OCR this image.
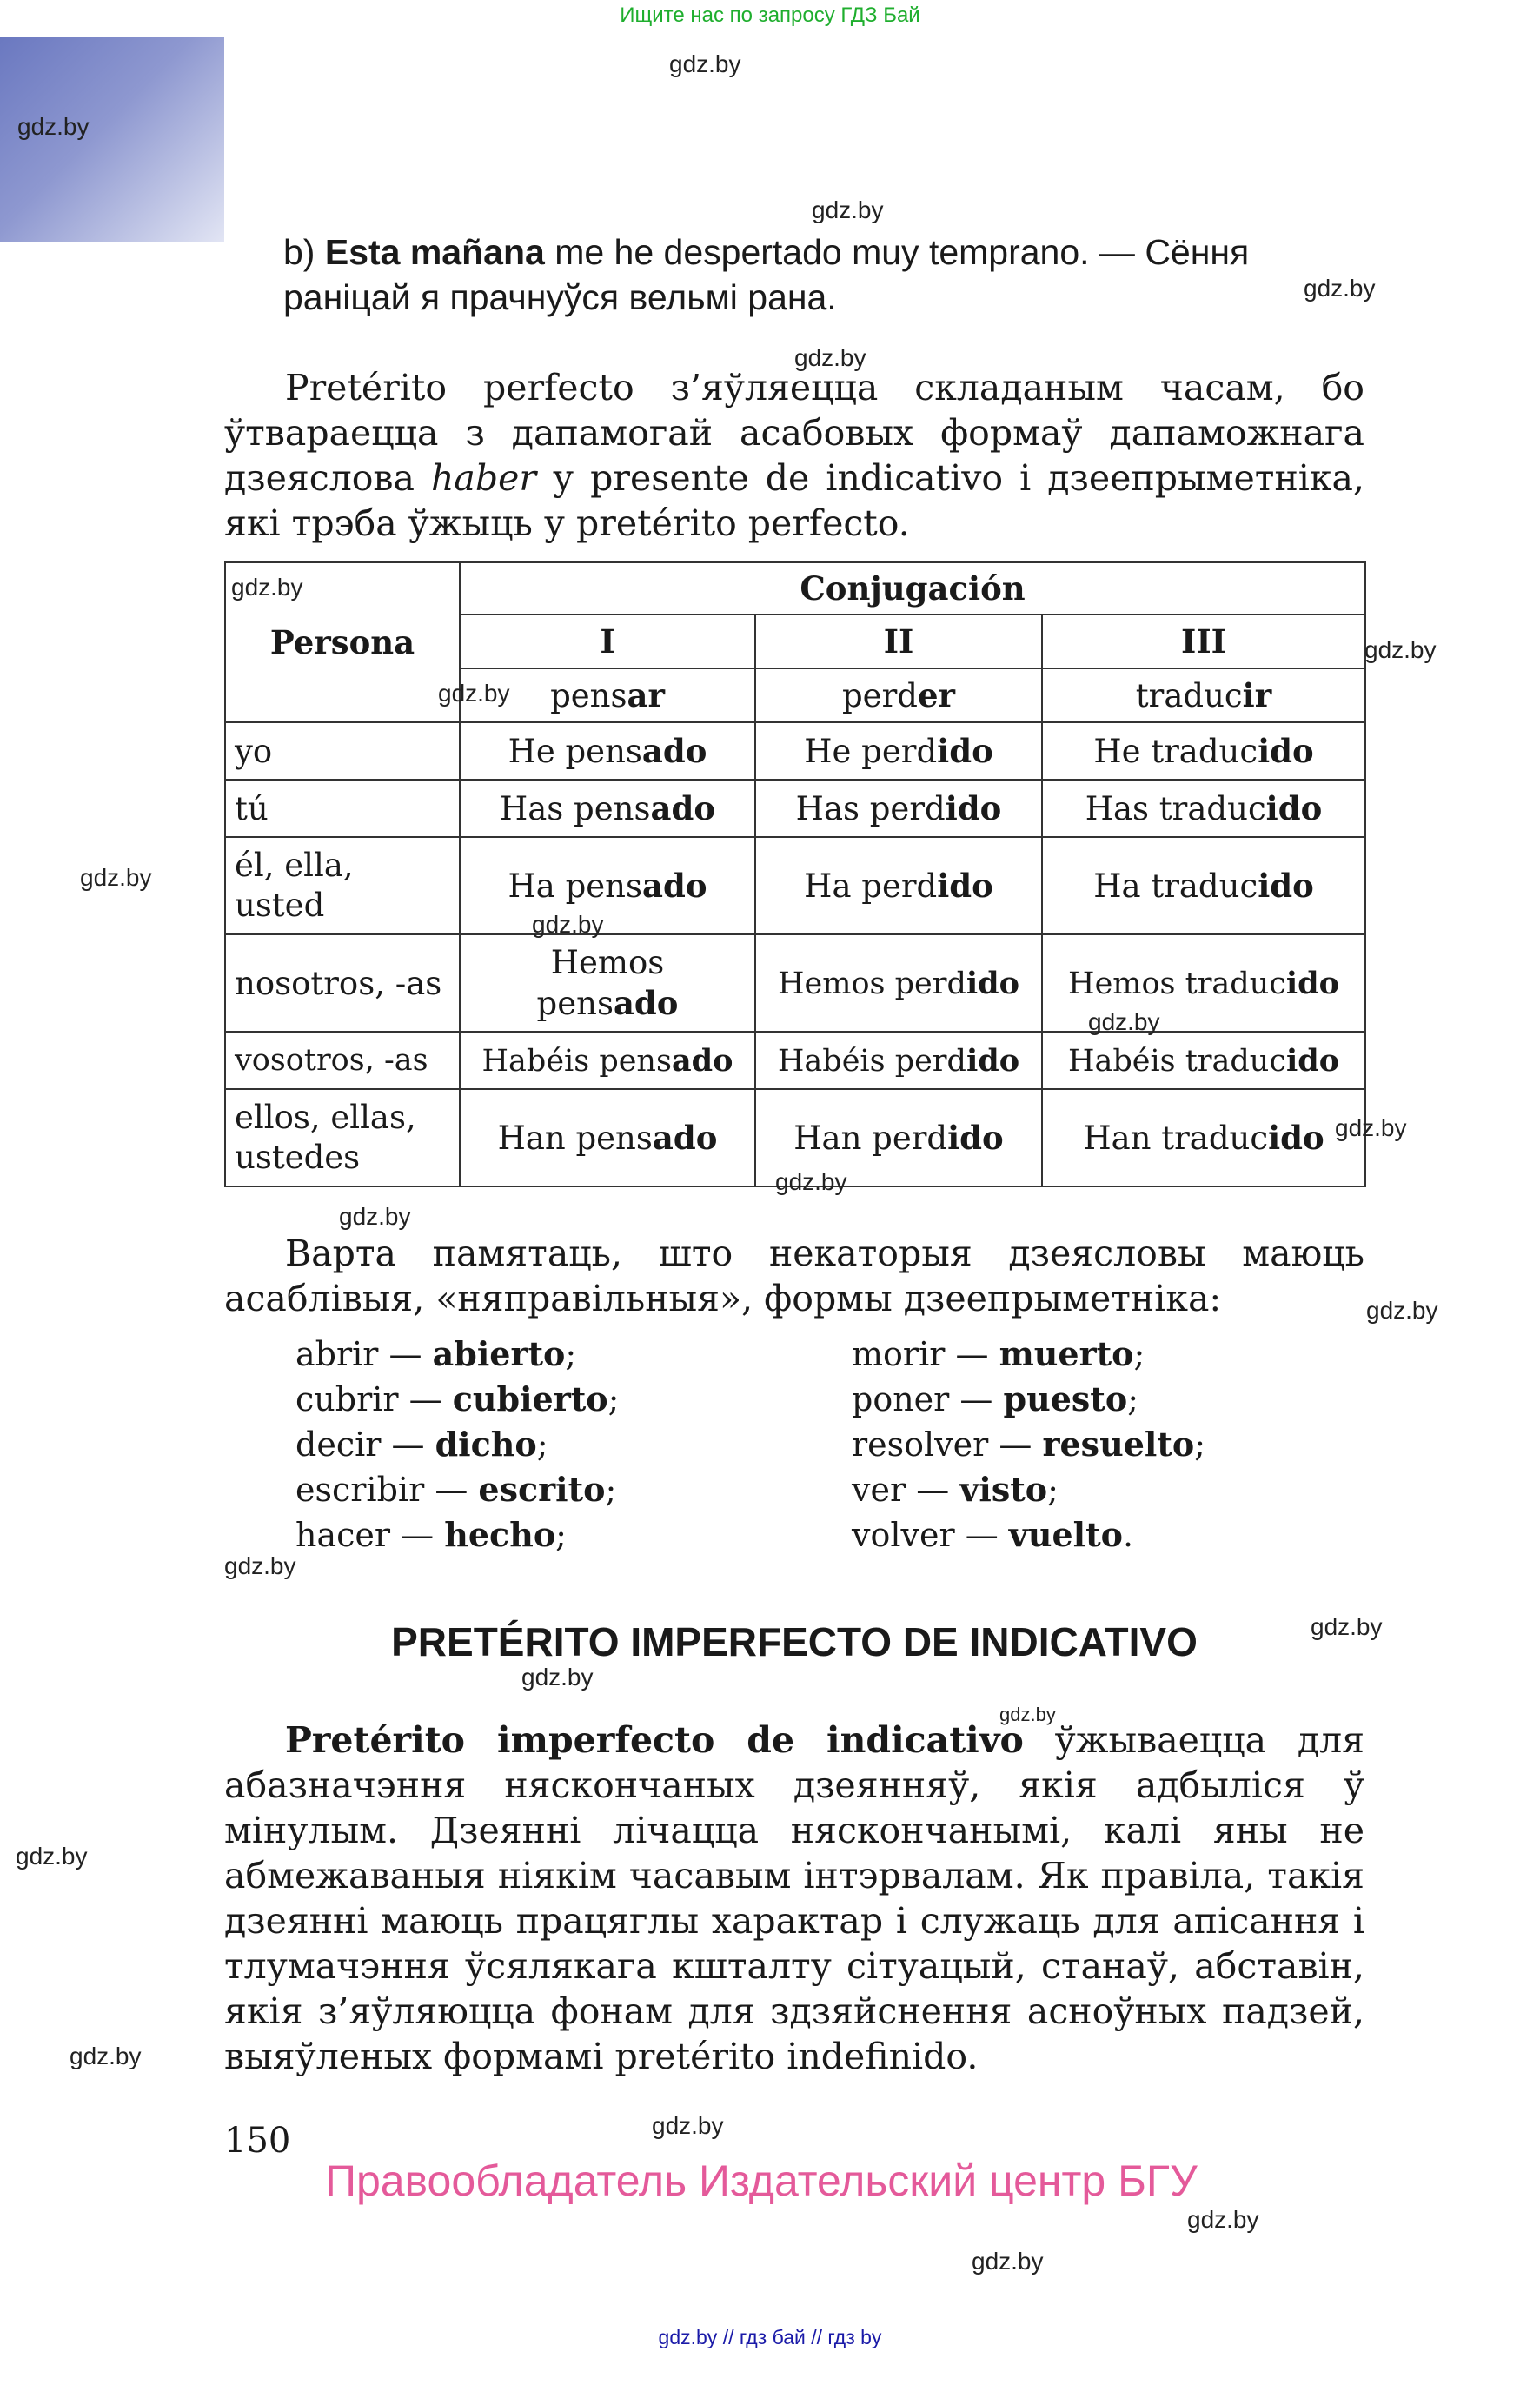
Ищите нас по запросу ГДЗ Бай
b) Esta mañana me he despertado muy temprano. — Сёння раніцай я прачнуўся вельмі рана.
Pretérito perfecto з’яўляецца складаным часам, бо ўтвараецца з дапамогай асабовых формаў дапаможнага дзеяслова haber у presente de indicativo і дзеепрыметніка, які трэба ўжыць у pretérito perfecto.
Persona	Conjugación		
	I	II	III
	pensar	perder	traducir
yo	He pensado	He perdido	He traducido
tú	Has pensado	Has perdido	Has traducido
él, ella, usted	Ha pensado	Ha perdido	Ha traducido
nosotros, -as	Hemos pensado	Hemos perdido	Hemos traducido
vosotros, -as	Habéis pensado	Habéis perdido	Habéis traducido
ellos, ellas, ustedes	Han pensado	Han perdido	Han traducido
Варта памятаць, што некаторыя дзеясловы маюць асаблівыя, «няправільныя», формы дзеепрыметніка:
abrir — abierto;
cubrir — cubierto;
decir — dicho;
escribir — escrito;
hacer — hecho;
morir — muerto;
poner — puesto;
resolver — resuelto;
ver — visto;
volver — vuelto.
PRETÉRITO IMPERFECTO DE INDICATIVO
Pretérito imperfecto de indicativo ўжываецца для абазначэння няскончаных дзеянняў, якія адбыліся ў мінулым. Дзеянні лічацца няскончанымі, калі яны не абмежаваныя ніякім часавым інтэрвалам. Як правіла, такія дзеянні маюць працяглы характар і служаць для апісання і тлумачэння ўсялякага кшталту сітуацый, станаў, абставін, якія з’яўляюцца фонам для здзяйснення асноўных падзей, выяўленых формамі pretérito indefinido.
150
Правообладатель Издательский центр БГУ
gdz.by // гдз бай // гдз by
gdz.by
gdz.by
gdz.by
gdz.by
gdz.by
gdz.by
gdz.by
gdz.by
gdz.by
gdz.by
gdz.by
gdz.by
gdz.by
gdz.by
gdz.by
gdz.by
gdz.by
gdz.by
gdz.by
gdz.by
gdz.by
gdz.by
gdz.by
gdz.by
